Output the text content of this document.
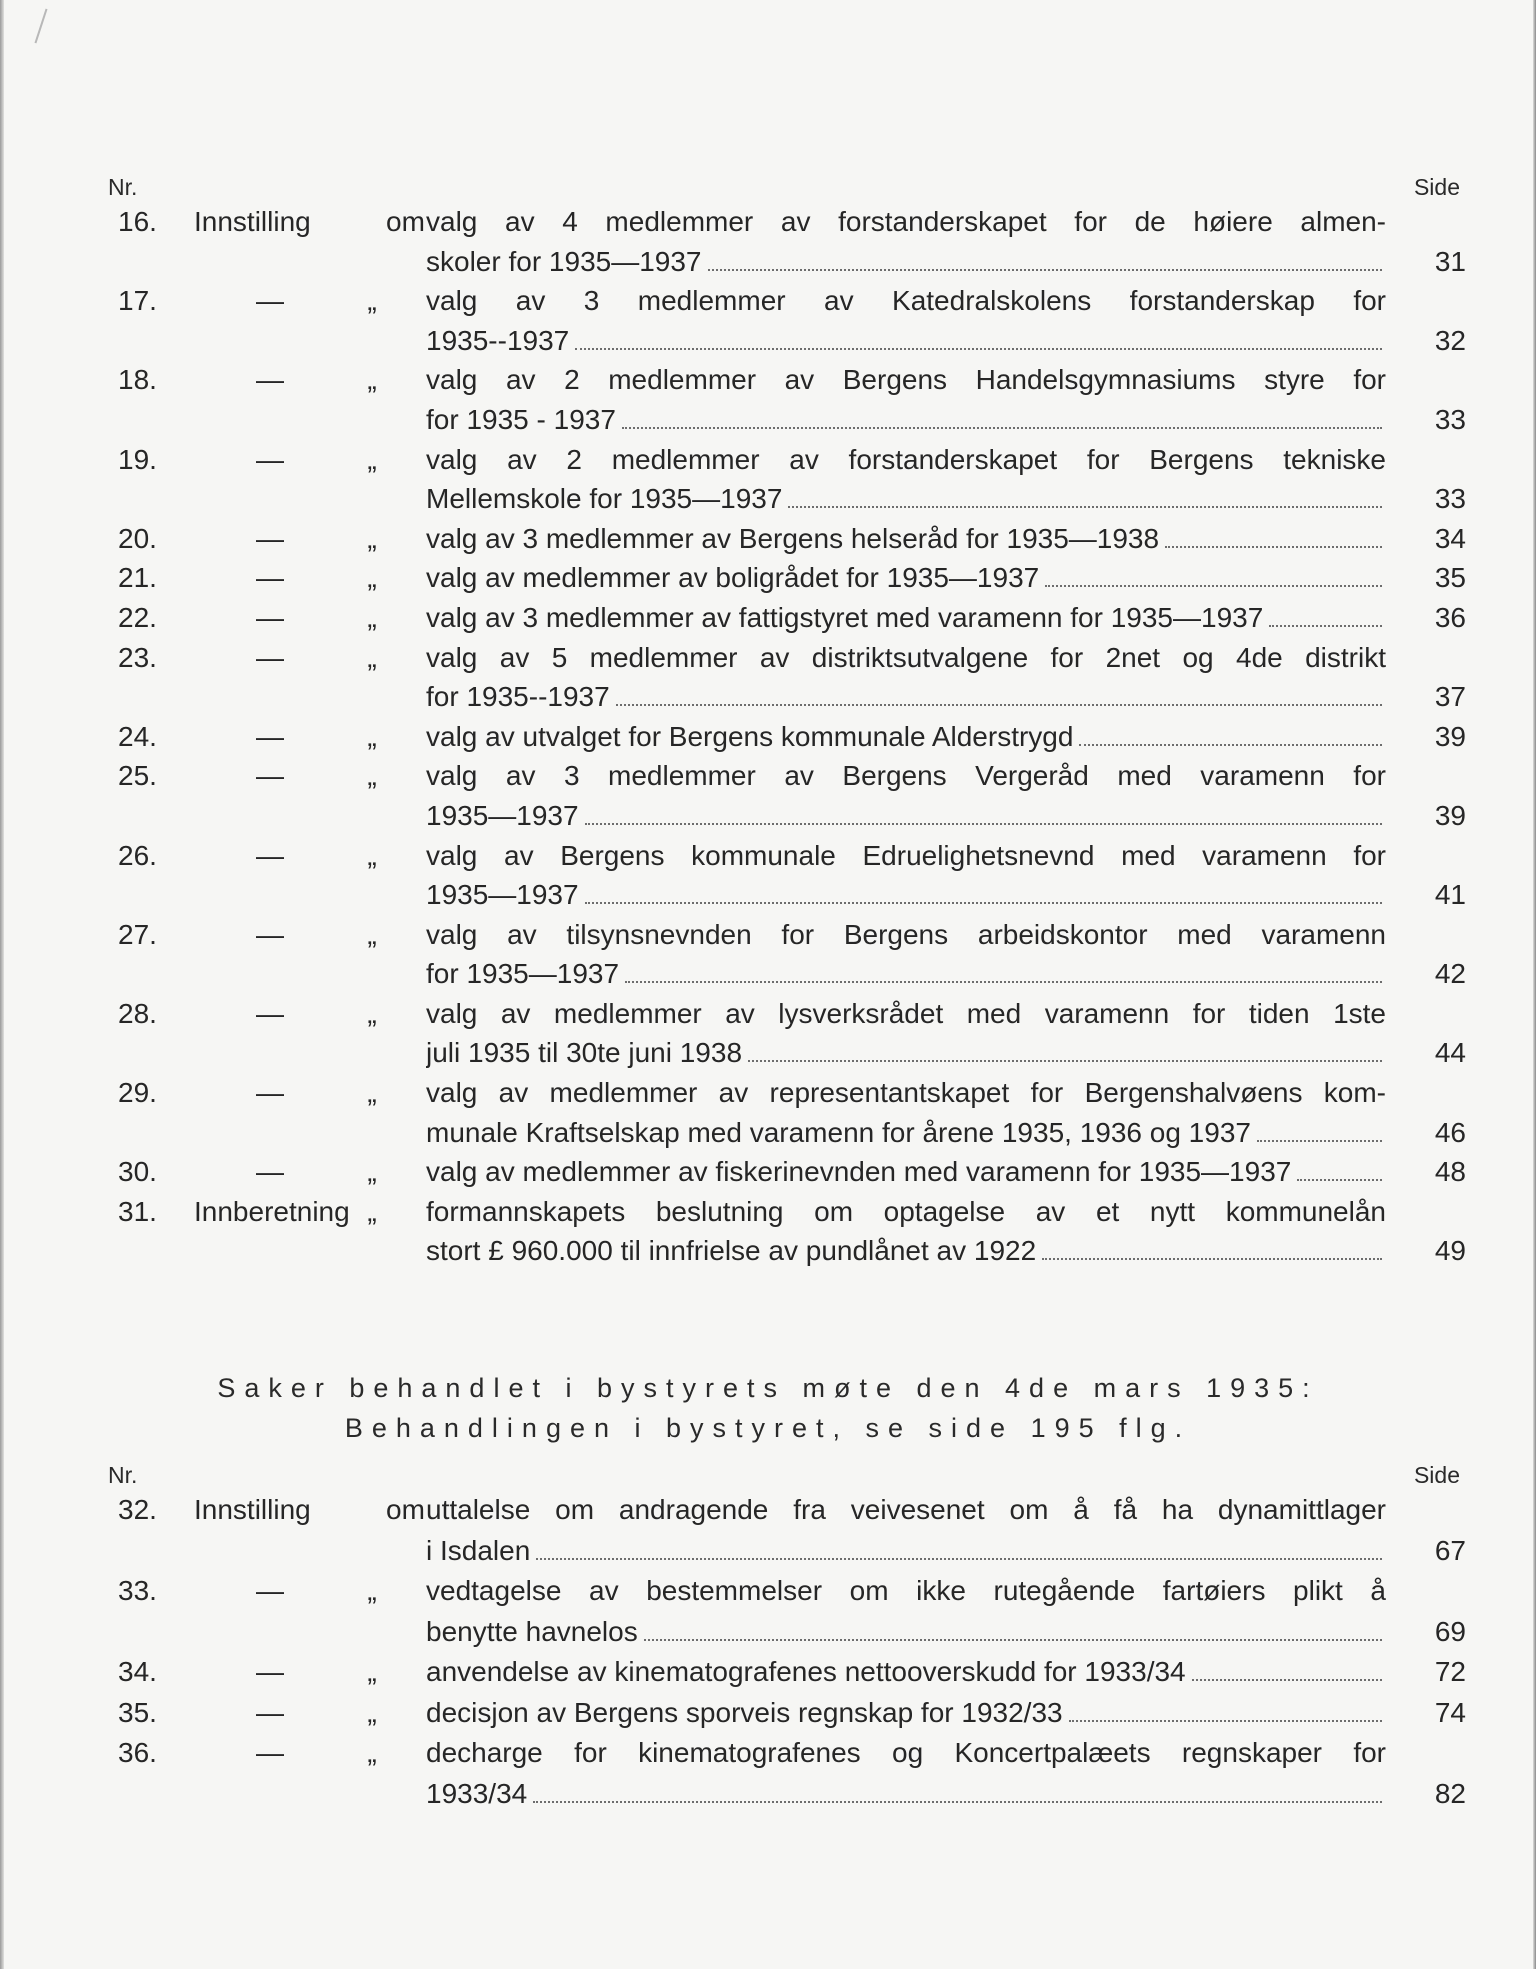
Nr.	Side
16. Innstilling	om valg av 4 medlemmer av forstanderskapet for de høiere almen-
skoler for 1935—1937	31
17.	—	„ valg av 3 medlemmer av Katedralskolens forstanderskap for
1935--1937	32
18.	—	„ valg av 2 medlemmer av Bergens Handelsgymnasiums styre for
for 1935 - 1937	33
19.	—	„ valg av 2 medlemmer av forstanderskapet for Bergens tekniske
Mellemskole for 1935—1937	33
20.	—	„ valg av 3 medlemmer av Bergens helseråd for 1935—1938	34
21.	—	„ valg av medlemmer av boligrådet for 1935—1937	35
22.	—	„ valg av 3 medlemmer av fattigstyret med varamenn for 1935—1937	36
23.	—	„ valg av 5 medlemmer av distriktsutvalgene for 2net og 4de distrikt
for 1935--1937	37
24.	—	„ valg av utvalget for Bergens kommunale Alderstrygd	39
25.	—	„ valg av 3 medlemmer av Bergens Vergeråd med varamenn for
1935—1937	39
26.	—	„ valg av Bergens kommunale Edruelighetsnevnd med varamenn for
1935—1937	41
27.	—	„ valg av tilsynsnevnden for Bergens arbeidskontor med varamenn
for 1935—1937	42
28.	—	„ valg av medlemmer av lysverksrådet med varamenn for tiden 1ste
juli 1935 til 30te juni 1938	44
29.	—	„ valg av medlemmer av representantskapet for Bergenshalvøens kom-
munale Kraftselskap med varamenn for årene 1935, 1936 og 1937	46
30.	—	„ valg av medlemmer av fiskerinevnden med varamenn for 1935—1937	48
31. Innberetning „ formannskapets beslutning om optagelse av et nytt kommunelån
stort £ 960.000 til innfrielse av pundlånet av 1922	49
Saker behandlet i bystyrets møte den 4de mars 1935:
Behandlingen i bystyret, se side 195 flg.
Nr.	Side
32. Innstilling	om uttalelse om andragende fra veivesenet om å få ha dynamittlager
i Isdalen	67
33.	—	„ vedtagelse av bestemmelser om ikke rutegående fartøiers plikt å
benytte havnelos	69
34.	—	„ anvendelse av kinematografenes nettooverskudd for 1933/34	72
35.	—	„ decisjon av Bergens sporveis regnskap for 1932/33	74
36.	—	„ decharge for kinematografenes og Koncertpalæets regnskaper for
1933/34	82
